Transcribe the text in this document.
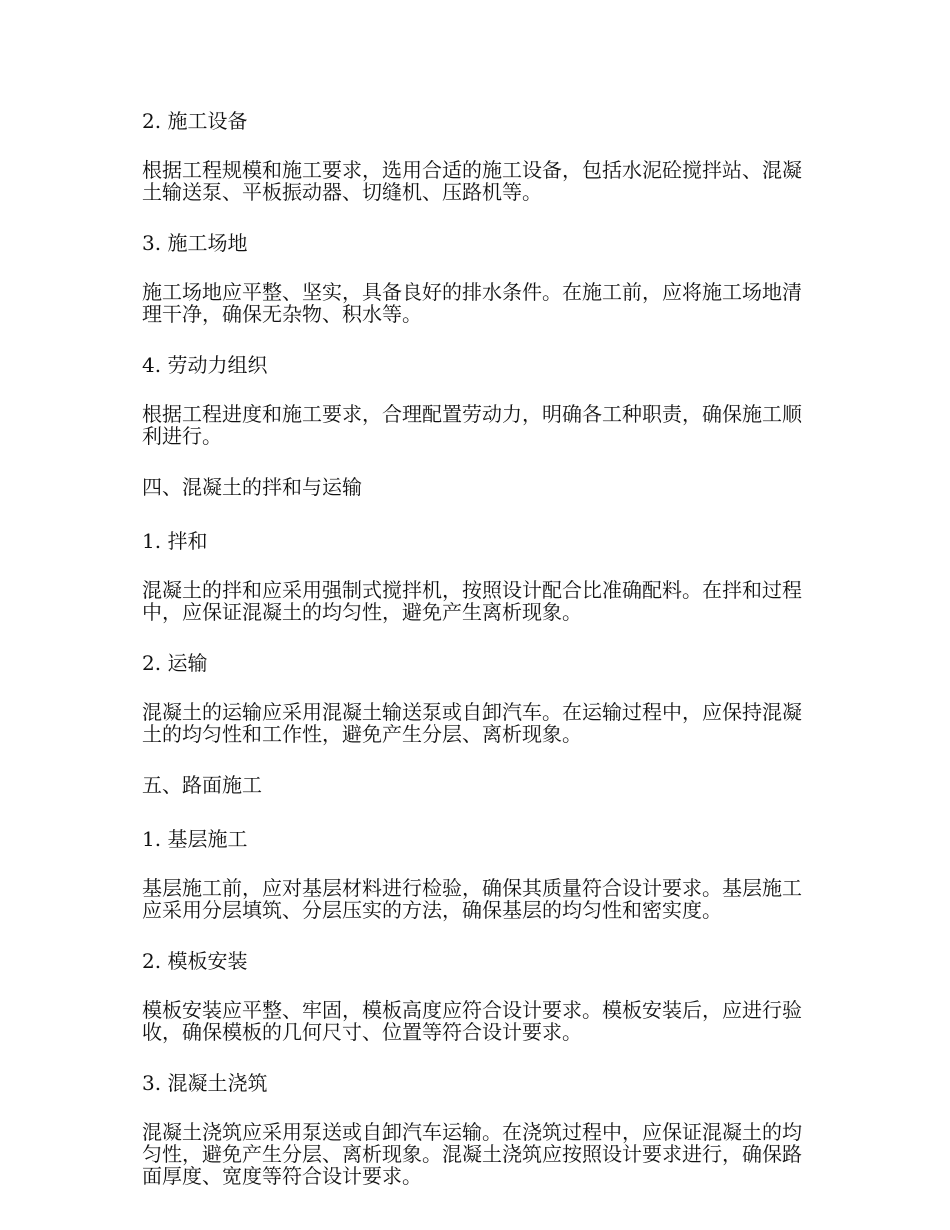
2. 施工设备
根据工程规模和施工要求，选用合适的施工设备，包括水泥砼搅拌站、混凝土输送泵、平板振动器、切缝机、压路机等。
3. 施工场地
施工场地应平整、坚实，具备良好的排水条件。在施工前，应将施工场地清理干净，确保无杂物、积水等。
4. 劳动力组织
根据工程进度和施工要求，合理配置劳动力，明确各工种职责，确保施工顺利进行。
四、混凝土的拌和与运输
1. 拌和
混凝土的拌和应采用强制式搅拌机，按照设计配合比准确配料。在拌和过程中，应保证混凝土的均匀性，避免产生离析现象。
2. 运输
混凝土的运输应采用混凝土输送泵或自卸汽车。在运输过程中，应保持混凝土的均匀性和工作性，避免产生分层、离析现象。
五、路面施工
1. 基层施工
基层施工前，应对基层材料进行检验，确保其质量符合设计要求。基层施工应采用分层填筑、分层压实的方法，确保基层的均匀性和密实度。
2. 模板安装
模板安装应平整、牢固，模板高度应符合设计要求。模板安装后，应进行验收，确保模板的几何尺寸、位置等符合设计要求。
3. 混凝土浇筑
混凝土浇筑应采用泵送或自卸汽车运输。在浇筑过程中，应保证混凝土的均匀性，避免产生分层、离析现象。混凝土浇筑应按照设计要求进行，确保路面厚度、宽度等符合设计要求。
